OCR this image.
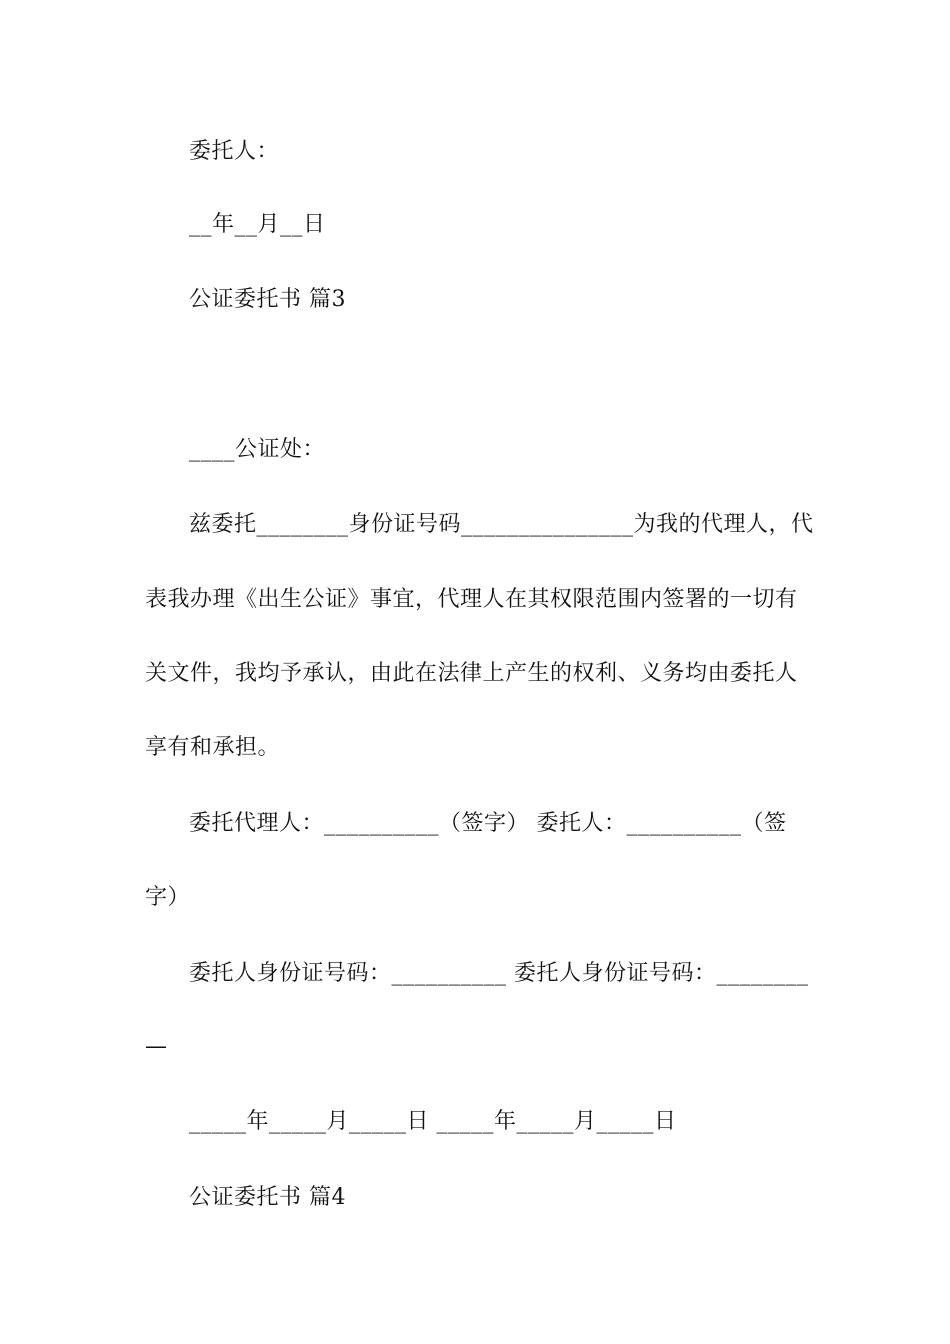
委托人：
__年__月__日
公证委托书 篇3
____公证处：
兹委托________身份证号码_______________为我的代理人，代
表我办理《出生公证》事宜，代理人在其权限范围内签署的一切有
关文件，我均予承认，由此在法律上产生的权利、义务均由委托人
享有和承担。
委托代理人：__________（签字） 委托人：__________（签
字）
委托人身份证号码：__________ 委托人身份证号码：________
—
_____年_____月_____日 _____年_____月_____日
公证委托书 篇4
